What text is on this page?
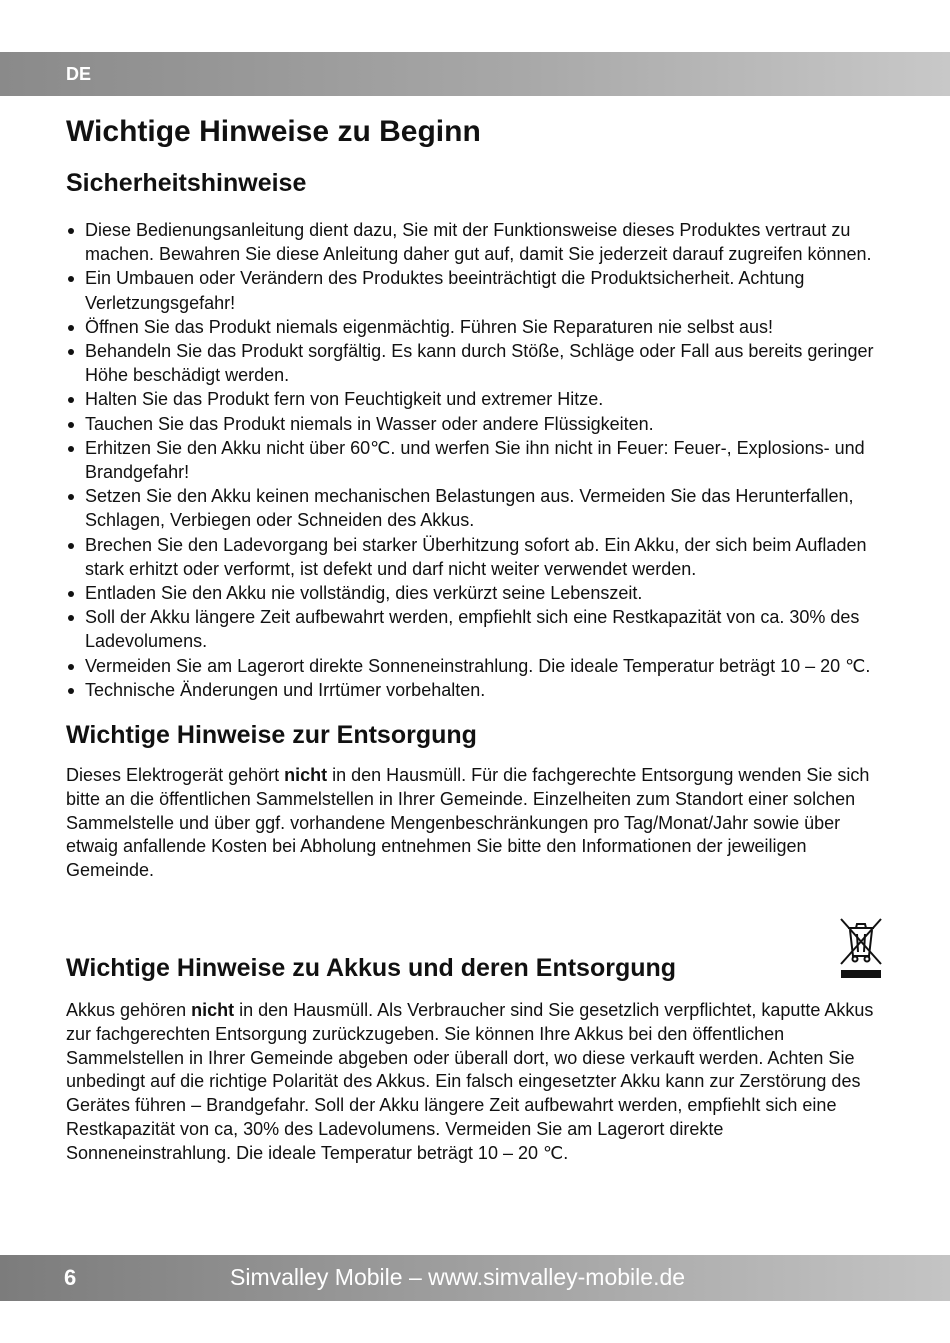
DE
Wichtige Hinweise zu Beginn
Sicherheitshinweise
Diese Bedienungsanleitung dient dazu, Sie mit der Funktionsweise dieses Produktes vertraut zu machen. Bewahren Sie diese Anleitung daher gut auf, damit Sie jederzeit darauf zugreifen können.
Ein Umbauen oder Verändern des Produktes beeinträchtigt die Produktsicherheit. Achtung Verletzungsgefahr!
Öffnen Sie das Produkt niemals eigenmächtig. Führen Sie Reparaturen nie selbst aus!
Behandeln Sie das Produkt sorgfältig. Es kann durch Stöße, Schläge oder Fall aus bereits geringer Höhe beschädigt werden.
Halten Sie das Produkt fern von Feuchtigkeit und extremer Hitze.
Tauchen Sie das Produkt niemals in Wasser oder andere Flüssigkeiten.
Erhitzen Sie den Akku nicht über 60℃. und werfen Sie ihn nicht in Feuer: Feuer-, Explosions- und Brandgefahr!
Setzen Sie den Akku keinen mechanischen Belastungen aus. Vermeiden Sie das Herunterfallen, Schlagen, Verbiegen oder Schneiden des Akkus.
Brechen Sie den Ladevorgang bei starker Überhitzung sofort ab. Ein Akku, der sich beim Aufladen stark erhitzt oder verformt, ist defekt und darf nicht weiter verwendet werden.
Entladen Sie den Akku nie vollständig, dies verkürzt seine Lebenszeit.
Soll der Akku längere Zeit aufbewahrt werden, empfiehlt sich eine Restkapazität von ca. 30% des Ladevolumens.
Vermeiden Sie am Lagerort direkte Sonneneinstrahlung. Die ideale Temperatur beträgt 10 – 20 ℃.
Technische Änderungen und Irrtümer vorbehalten.
Wichtige Hinweise zur Entsorgung

Dieses Elektrogerät gehört nicht in den Hausmüll. Für die fachgerechte Entsorgung wenden Sie sich bitte an die öffentlichen Sammelstellen in Ihrer Gemeinde. Einzelheiten zum Standort einer solchen Sammelstelle und über ggf. vorhandene Mengenbeschränkungen pro Tag/Monat/Jahr sowie über etwaig anfallende Kosten bei Abholung entnehmen Sie bitte den Informationen der jeweiligen Gemeinde.

Wichtige Hinweise zu Akkus und deren Entsorgung

Akkus gehören nicht in den Hausmüll. Als Verbraucher sind Sie gesetzlich verpflichtet, kaputte Akkus zur fachgerechten Entsorgung zurückzugeben. Sie können Ihre Akkus bei den öffentlichen Sammelstellen in Ihrer Gemeinde abgeben oder überall dort, wo diese verkauft werden. Achten Sie unbedingt auf die richtige Polarität des Akkus. Ein falsch eingesetzter Akku kann zur Zerstörung des Gerätes führen – Brandgefahr. Soll der Akku längere Zeit aufbewahrt werden, empfiehlt sich eine Restkapazität von ca, 30% des Ladevolumens. Vermeiden Sie am Lagerort direkte Sonneneinstrahlung. Die ideale Temperatur beträgt 10 – 20 ℃.

6	Simvalley Mobile – www.simvalley-mobile.de
